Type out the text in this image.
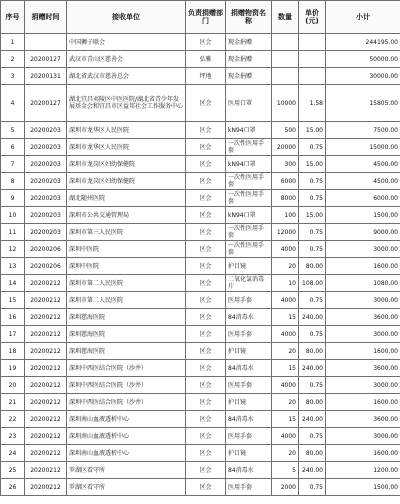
序号	捐赠时间	接收单位	负责捐赠部门	捐赠物资名称	数量	单价(元)	小计
1		中国狮子联会	区会	现金捐赠			244195.00
2	20200127	武汉市青山区慈善会	弘雅	现金捐赠			50000.00
3	20200131	湖北省武汉市慈善总会	坪地	现金捐赠			30000.00
4	20200127	湖北宜昌夷陵区中医医院/湖北省青少年发展基金会和宜昌市区益邦社会工作服务中心	区会	医用口罩	10000	1.58	15805.00
5	20200203	深圳市龙华区人民医院	区会	kN94口罩	500	15.00	7500.00
6	20200203	深圳市龙华区人民医院	区会	一次性医用手套	20000	0.75	15000.00
7	20200203	深圳市龙岗区妇幼保健院	区会	kN94口罩	300	15.00	4500.00
8	20200203	深圳市龙岗区妇幼保健院	区会	一次性医用手套	6000	0.75	4500.00
9	20200203	湖北随州医院	区会	一次性医用手套	8000	0.75	6000.00
10	20200203	深圳市公共交通管理局	区会	kN94口罩	100	15.00	1500.00
11	20200203	深圳市第三人民医院	区会	一次性医用手套	12000	0.75	9000.00
12	20200206	深圳中医院	区会	一次性医用手套	4000	0.75	3000.00
13	20200206	深圳中医院	区会	护目镜	20	80.00	1600.00
14	20200212	深圳市第二人民医院	区会	二氧化氯消毒片	10	108.00	1080.00
15	20200212	深圳市第二人民医院	区会	医用手套	4000	0.75	3000.00
16	20200212	深圳慈海医院	区会	84消毒水	15	240.00	3600.00
17	20200212	深圳慈海医院	区会	医用手套	4000	0.75	3000.00
18	20200212	深圳慈海医院	区会	护目镜	20	80.00	1600.00
19	20200212	深圳中西医结合医院（沙井）	区会	84消毒水	15	240.00	3600.00
20	20200212	深圳中西医结合医院（沙井）	区会	医用手套	4000	0.75	3000.00
21	20200212	深圳中西医结合医院（沙井）	区会	护目镜	20	80.00	1600.00
22	20200212	深圳南山血液透析中心	区会	84消毒水	15	240.00	3600.00
23	20200212	深圳南山血液透析中心	区会	医用手套	4000	0.75	3000.00
24	20200212	深圳南山血液透析中心	区会	护目镜	20	80.00	1600.00
25	20200212	罗湖区看守所	区会	84消毒水	5	240.00	1200.00
26	20200212	罗湖区看守所	区会	医用手套	2000	0.75	1500.00
